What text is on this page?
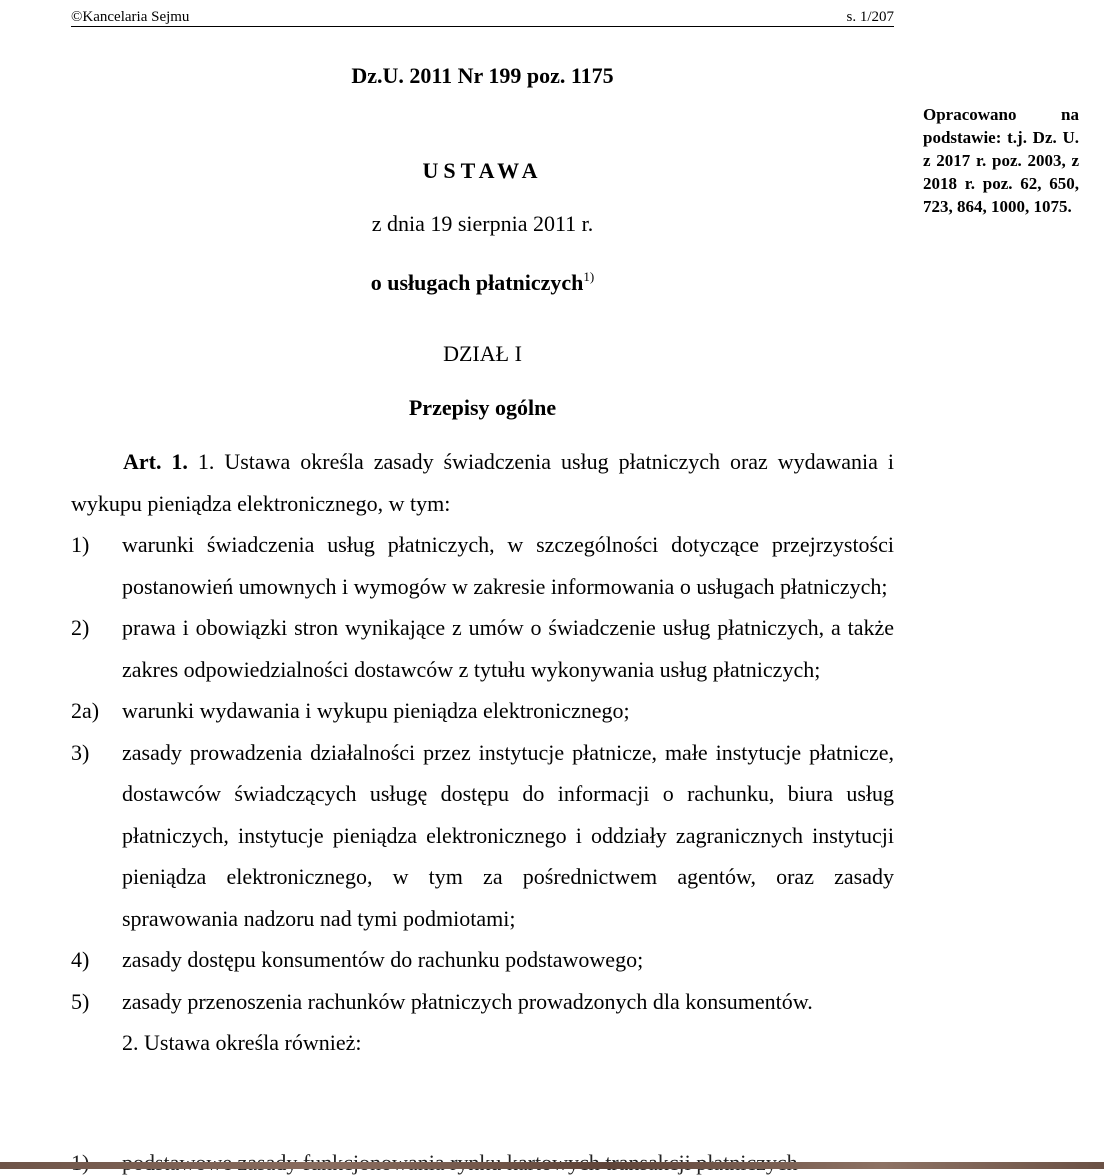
©Kancelaria Sejmu	s. 1/207
Dz.U. 2011 Nr 199 poz. 1175
Opracowano na podstawie: t.j. Dz. U. z 2017 r. poz. 2003, z 2018 r. poz. 62, 650, 723, 864, 1000, 1075.
USTAWA
z dnia 19 sierpnia 2011 r.
o usługach płatniczych$^{1)}$
DZIAŁ I
Przepisy ogólne

Art. 1. 1. Ustawa określa zasady świadczenia usług płatniczych oraz wydawania i wykupu pieniądza elektronicznego, w tym:

1)	warunki świadczenia usług płatniczych, w szczególności dotyczące przejrzystości postanowień umownych i wymogów w zakresie informowania o usługach płatniczych;
2)	prawa i obowiązki stron wynikające z umów o świadczenie usług płatniczych, a także zakres odpowiedzialności dostawców z tytułu wykonywania usług płatniczych;
2a)	warunki wydawania i wykupu pieniądza elektronicznego;
3)	zasady prowadzenia działalności przez instytucje płatnicze, małe instytucje płatnicze, dostawców świadczących usługę dostępu do informacji o rachunku, biura usług płatniczych, instytucje pieniądza elektronicznego i oddziały zagranicznych instytucji pieniądza elektronicznego, w tym za pośrednictwem agentów, oraz zasady sprawowania nadzoru nad tymi podmiotami;
4)	zasady dostępu konsumentów do rachunku podstawowego;
5)	zasady przenoszenia rachunków płatniczych prowadzonych dla konsumentów.

2. Ustawa określa również:
